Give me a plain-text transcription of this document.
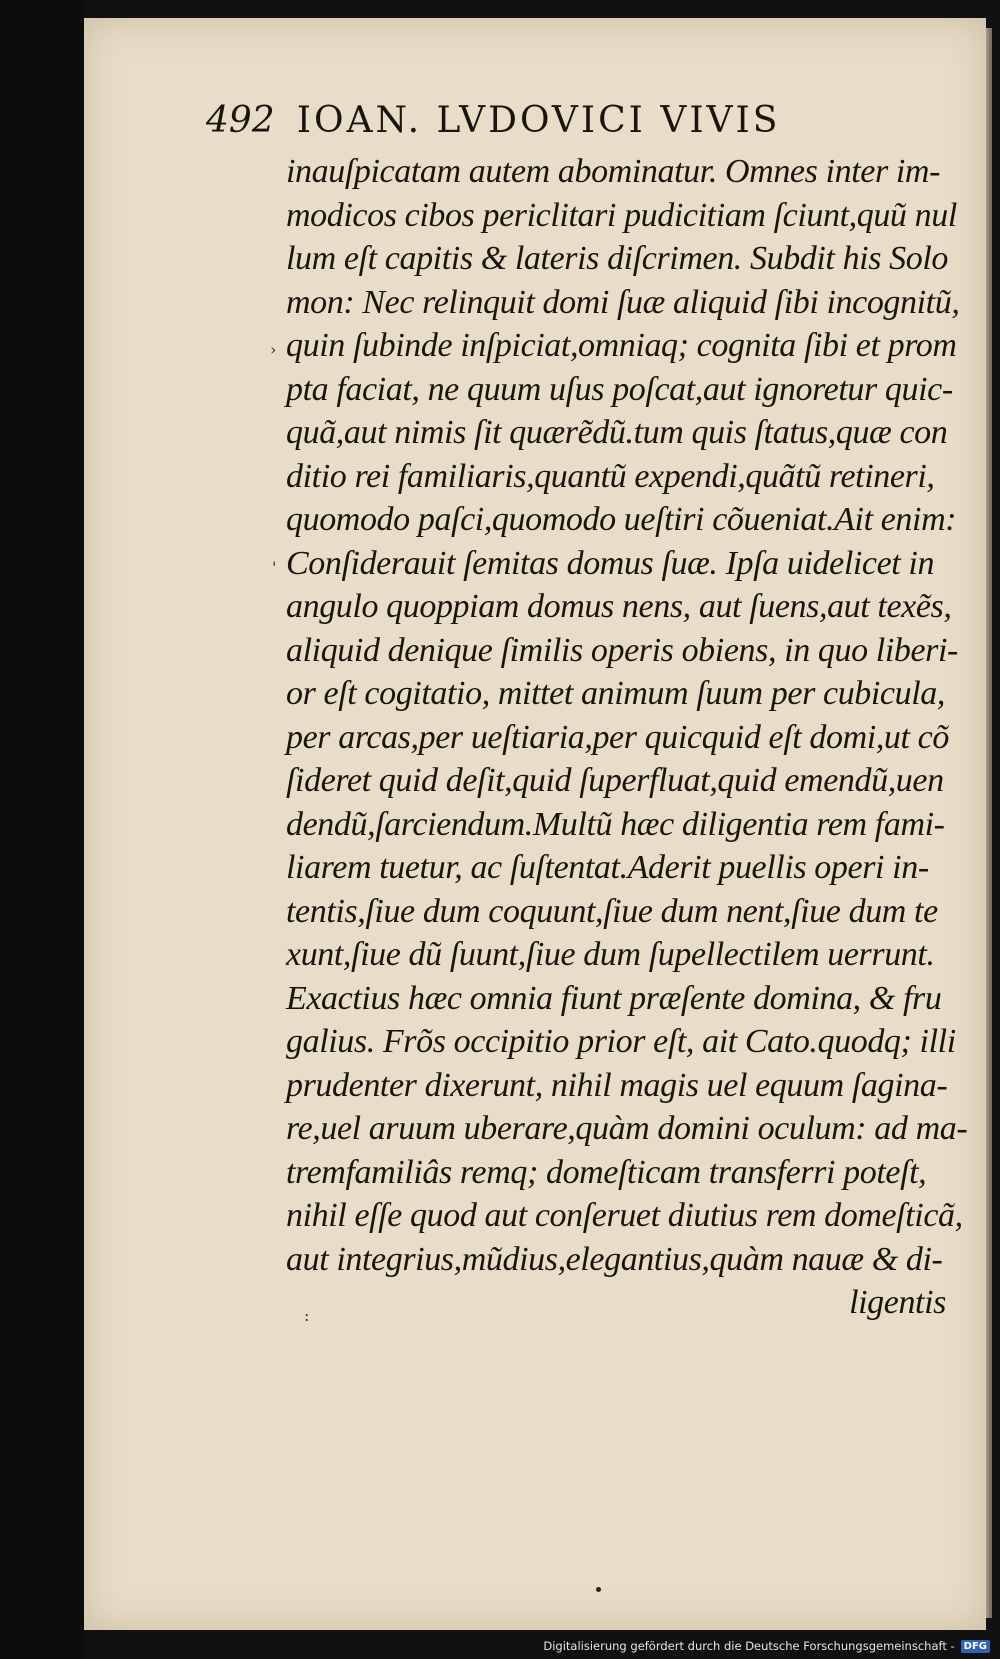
492 IOAN. LVDOVICI VIVIS
inauſpicatam autem abominatur. Omnes inter im-
modicos cibos periclitari pudicitiam ſciunt,quũ nul
lum eſt capitis & lateris diſcrimen. Subdit his Solo
mon: Nec relinquit domi ſuæ aliquid ſibi incognitũ,
quin ſubinde inſpiciat,omniaq; cognita ſibi et prom
pta faciat, ne quum uſus poſcat,aut ignoretur quic-
quã,aut nimis ſit quærẽdũ.tum quis ſtatus,quæ con
ditio rei familiaris,quantũ expendi,quãtũ retineri,
quomodo paſci,quomodo ueſtiri cõueniat.Ait enim:
Conſiderauit ſemitas domus ſuæ. Ipſa uidelicet in
angulo quoppiam domus nens, aut ſuens,aut texẽs,
aliquid denique ſimilis operis obiens, in quo liberi-
or eſt cogitatio, mittet animum ſuum per cubicula,
per arcas,per ueſtiaria,per quicquid eſt domi,ut cõ
ſideret quid deſit,quid ſuperfluat,quid emendũ,uen
dendũ,ſarciendum.Multũ hæc diligentia rem fami-
liarem tuetur, ac ſuſtentat.Aderit puellis operi in-
tentis,ſiue dum coquunt,ſiue dum nent,ſiue dum te
xunt,ſiue dũ ſuunt,ſiue dum ſupellectilem uerrunt.
Exactius hæc omnia fiunt præſente domina, & fru
galius. Frõs occipitio prior eſt, ait Cato.quodq; illi
prudenter dixerunt, nihil magis uel equum ſagina-
re,uel aruum uberare,quàm domini oculum: ad ma-
tremfamiliâs remq; domeſticam transferri poteſt,
nihil eſſe quod aut conſeruet diutius rem domeſticã,
aut integrius,mũdius,elegantius,quàm nauæ & di-
ligentis
›
'
:
Digitalisierung gefördert durch die Deutsche Forschungsgemeinschaft - DFG
